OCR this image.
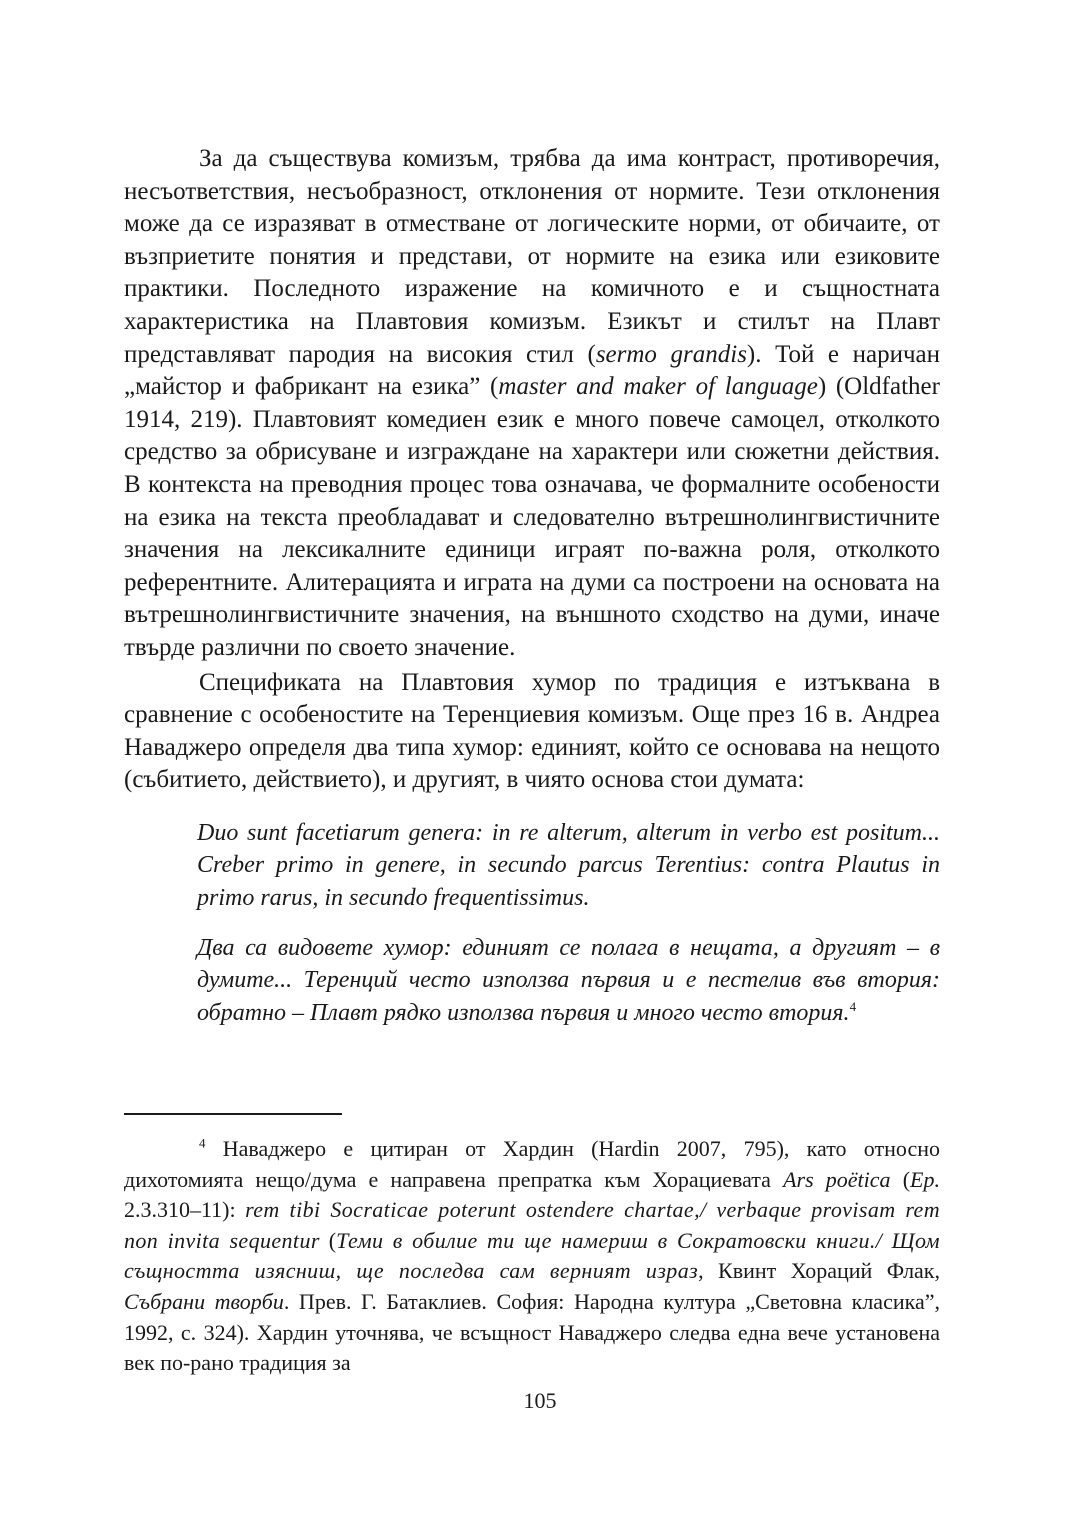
За да съществува комизъм, трябва да има контраст, противоречия, несъответствия, несъобразност, отклонения от нормите. Тези отклонения може да се изразяват в отместване от логическите норми, от обичаите, от възприетите понятия и представи, от нормите на езика или езиковите практики. Последното изражение на комичното е и същностната характеристика на Плавтовия комизъм. Езикът и стилът на Плавт представляват пародия на високия стил (sermo grandis). Той е наричан „майстор и фабрикант на езика” (master and maker of language) (Oldfather 1914, 219). Плавтовият комедиен език е много повече самоцел, отколкото средство за обрисуване и изграждане на характери или сюжетни действия. В контекста на преводния процес това означава, че формалните особености на езика на текста преобладават и следователно вътрешнолингвистичните значения на лексикалните единици играят по-важна роля, отколкото референтните. Алитерацията и играта на думи са построени на основата на вътрешнолингвистичните значения, на външното сходство на думи, иначе твърде различни по своето значение.

Спецификата на Плавтовия хумор по традиция е изтъквана в сравнение с особеностите на Теренциевия комизъм. Още през 16 в. Андреа Наваджеро определя два типа хумор: единият, който се основава на нещото (събитието, действието), и другият, в чиято основа стои думата:

Duo sunt facetiarum genera: in re alterum, alterum in verbo est positum... Creber primo in genere, in secundo parcus Terentius: contra Plautus in primo rarus, in secundo frequentissimus.

Два са видовете хумор: единият се полага в нещата, а другият – в думите... Теренций често използва първия и е пестелив във втория: обратно – Плавт рядко използва първия и много често втория.$^4$

$^4$ Наваджеро е цитиран от Хардин (Hardin 2007, 795), като относно дихотомията нещо/дума е направена препратка към Хорациевата Ars poëtica (Ep. 2.3.310–11): rem tibi Socraticae poterunt ostendere chartae,/ verbaque provisam rem non invita sequentur (Теми в обилие ти ще намериш в Сократовски книги./ Щом същността изясниш, ще последва сам верният израз, Квинт Хораций Флак, Събрани творби. Прев. Г. Батаклиев. София: Народна култура „Световна класика”, 1992, с. 324). Хардин уточнява, че всъщност Наваджеро следва една вече установена век по-рано традиция за

105
